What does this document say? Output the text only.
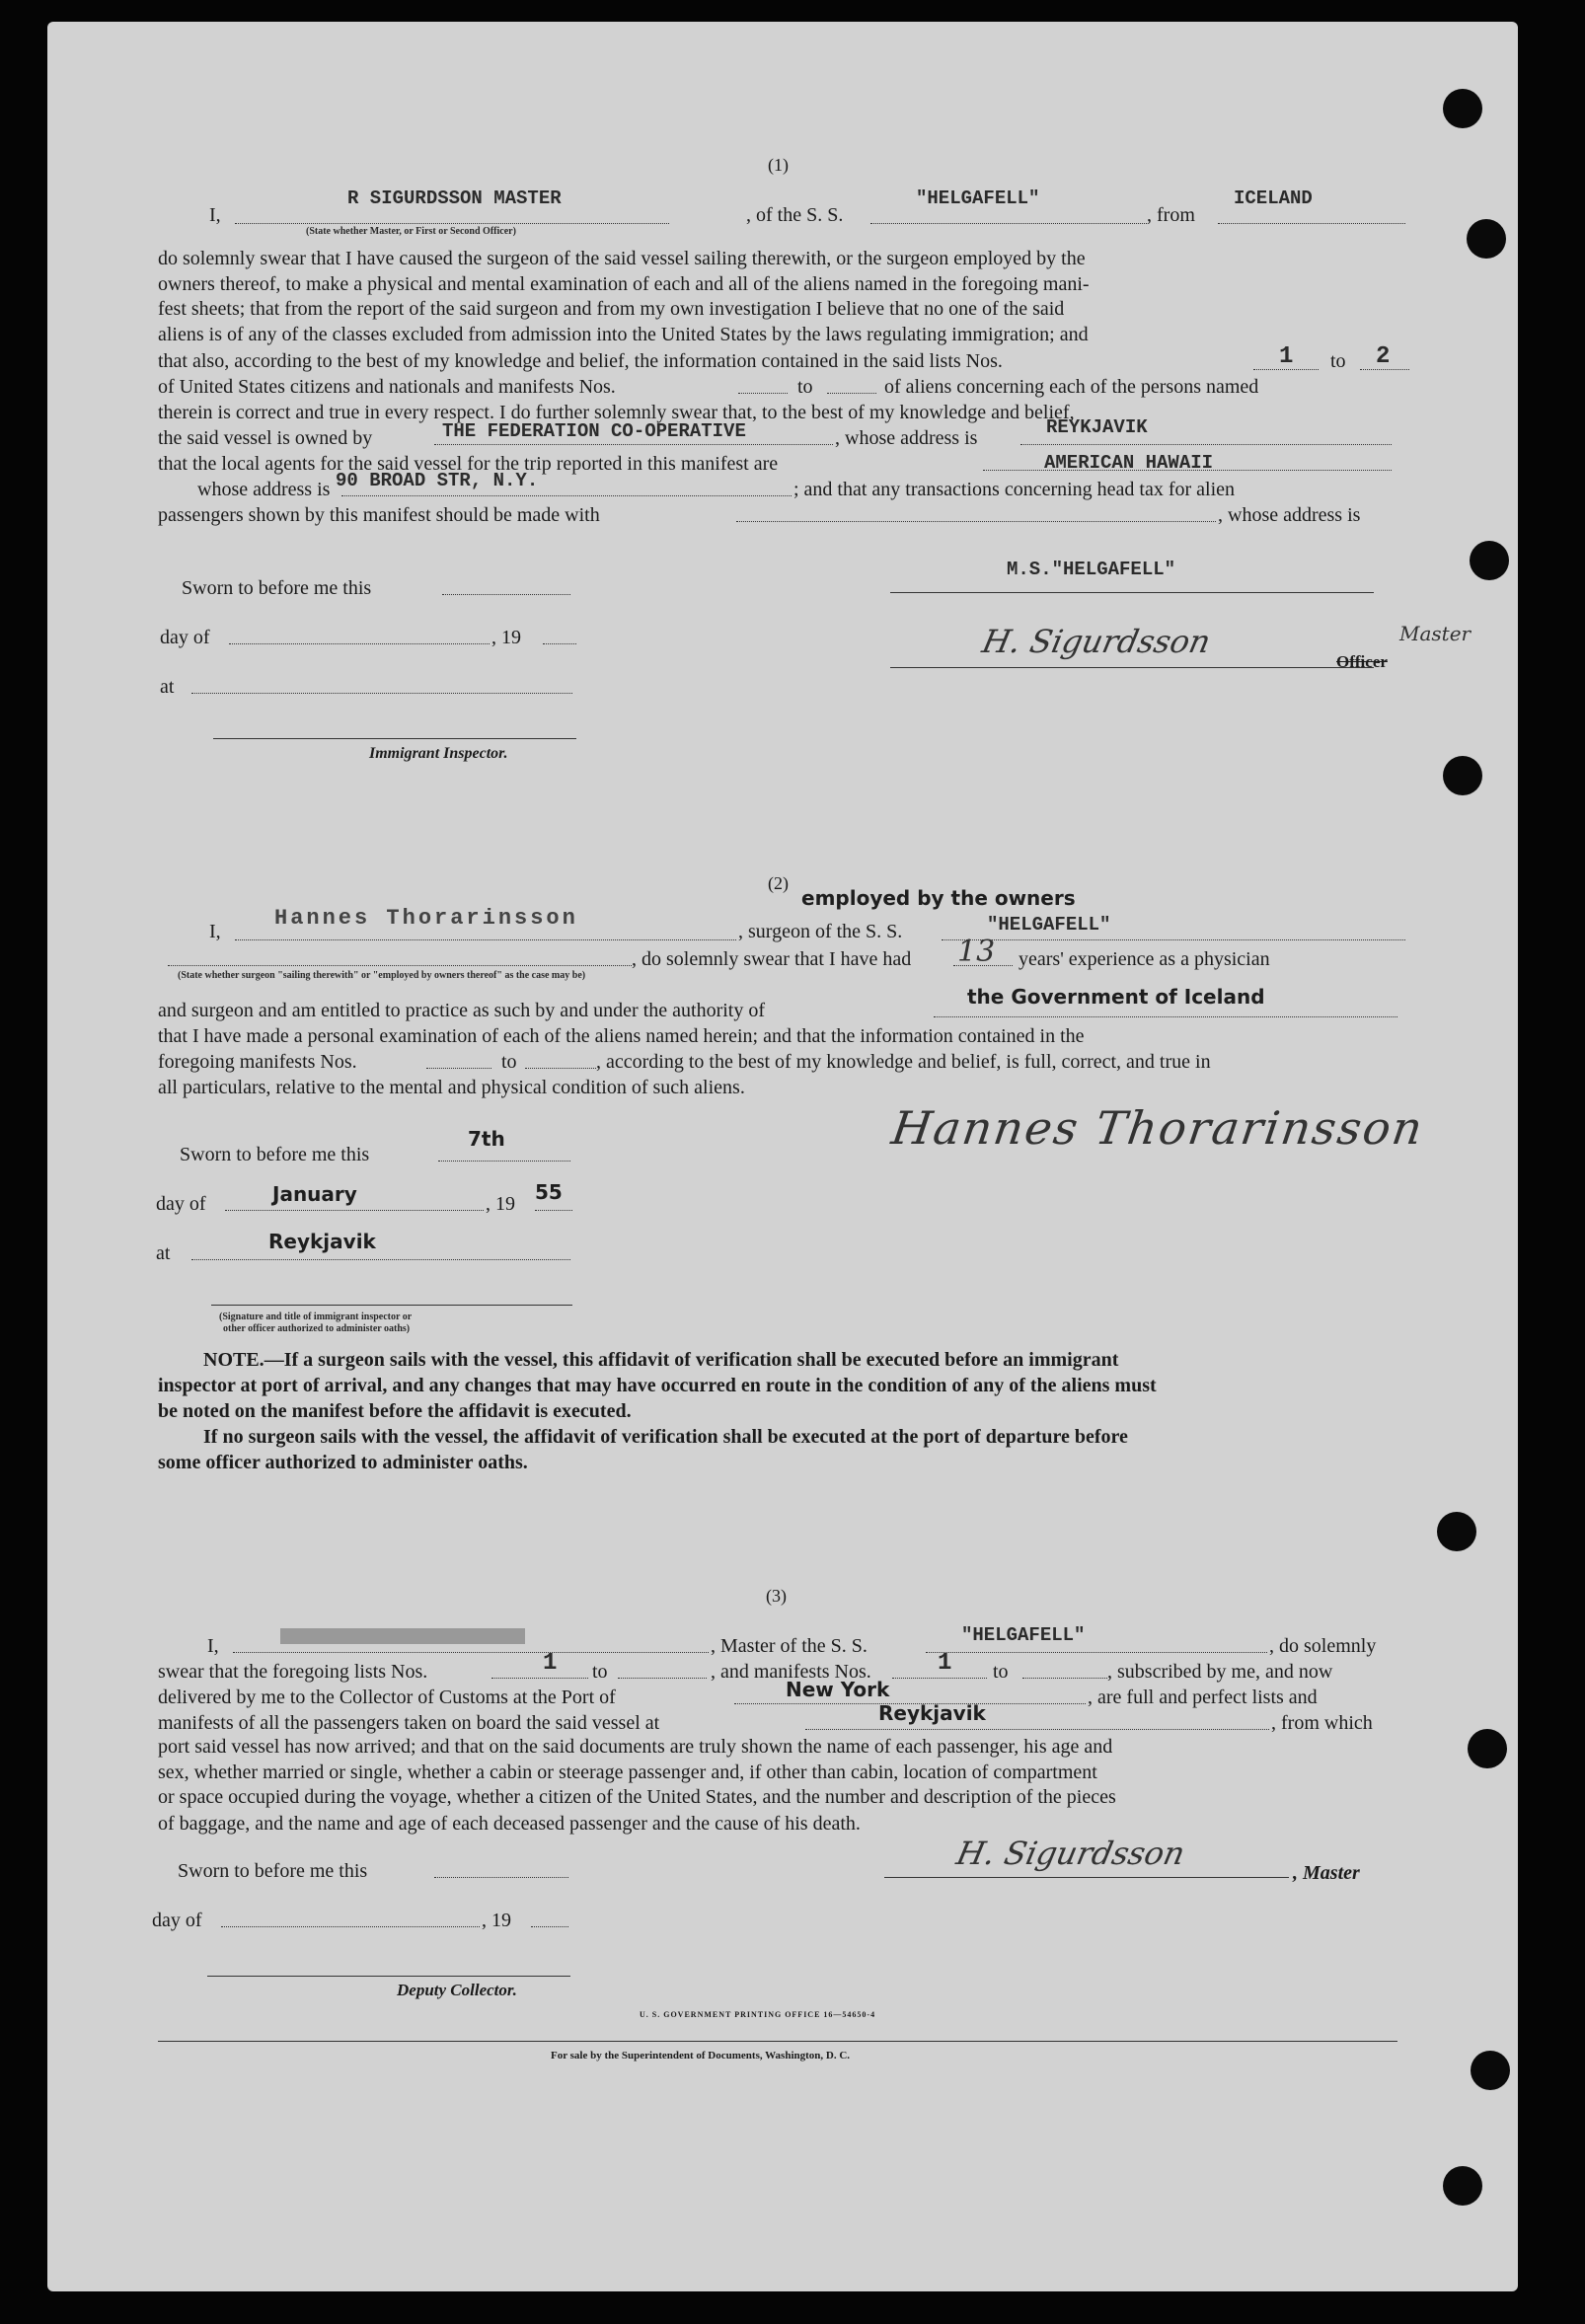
(1)
I,
R SIGURDSSON MASTER
(State whether Master, or First or Second Officer)
, of the S. S.
"HELGAFELL"
, from
ICELAND
do solemnly swear that I have caused the surgeon of the said vessel sailing therewith, or the surgeon employed by the
owners thereof, to make a physical and mental examination of each and all of the aliens named in the foregoing mani-
fest sheets; that from the report of the said surgeon and from my own investigation I believe that no one of the said
aliens is of any of the classes excluded from admission into the United States by the laws regulating immigration; and
that also, according to the best of my knowledge and belief, the information contained in the said lists Nos.	1 to 2
of United States citizens and nationals and manifests Nos.	to	of aliens concerning each of the persons named
therein is correct and true in every respect. I do further solemnly swear that, to the best of my knowledge and belief,
the said vessel is owned by	THE FEDERATION CO-OPERATIVE	, whose address is	REYKJAVIK
that the local agents for the said vessel for the trip reported in this manifest are	AMERICAN HAWAII
whose address is 90 BROAD STR, N.Y.	; and that any transactions concerning head tax for alien
passengers shown by this manifest should be made with	, whose address is
Sworn to before me this
day of	, 19
at
Immigrant Inspector.
M.S."HELGAFELL"
H. Sigurdsson
Officer
Master
(2)
employed by the owners
I,
Hannes Thorarinsson
, surgeon of the S. S.	"HELGAFELL"
(State whether surgeon "sailing therewith" or "employed by owners thereof" as the case may be)
, do solemnly swear that I have had 13 years' experience as a physician
and surgeon and am entitled to practice as such by and under the authority of
the Government of Iceland
that I have made a personal examination of each of the aliens named herein; and that the information contained in the
foregoing manifests Nos.	to	, according to the best of my knowledge and belief, is full, correct, and true in
all particulars, relative to the mental and physical condition of such aliens.
Sworn to before me this
7th
day of	January	, 19 55
at	Reykjavik
(Signature and title of immigrant inspector or
other officer authorized to administer oaths)
Hannes Thorarinsson
NOTE.—If a surgeon sails with the vessel, this affidavit of verification shall be executed before an immigrant
inspector at port of arrival, and any changes that may have occurred en route in the condition of any of the aliens must
be noted on the manifest before the affidavit is executed.
If no surgeon sails with the vessel, the affidavit of verification shall be executed at the port of departure before
some officer authorized to administer oaths.
(3)
I,	, Master of the S. S.	"HELGAFELL"	, do solemnly
swear that the foregoing lists Nos.	1 to	, and manifests Nos.	1 to	, subscribed by me, and now
delivered by me to the Collector of Customs at the Port of	New York	, are full and perfect lists and
manifests of all the passengers taken on board the said vessel at	Reykjavik	, from which
port said vessel has now arrived; and that on the said documents are truly shown the name of each passenger, his age and
sex, whether married or single, whether a cabin or steerage passenger and, if other than cabin, location of compartment
or space occupied during the voyage, whether a citizen of the United States, and the number and description of the pieces
of baggage, and the name and age of each deceased passenger and the cause of his death.
Sworn to before me this	H. Sigurdsson
, Master
day of	, 19
Deputy Collector.
U. S. GOVERNMENT PRINTING OFFICE 16—54650-4
For sale by the Superintendent of Documents, Washington, D. C.
